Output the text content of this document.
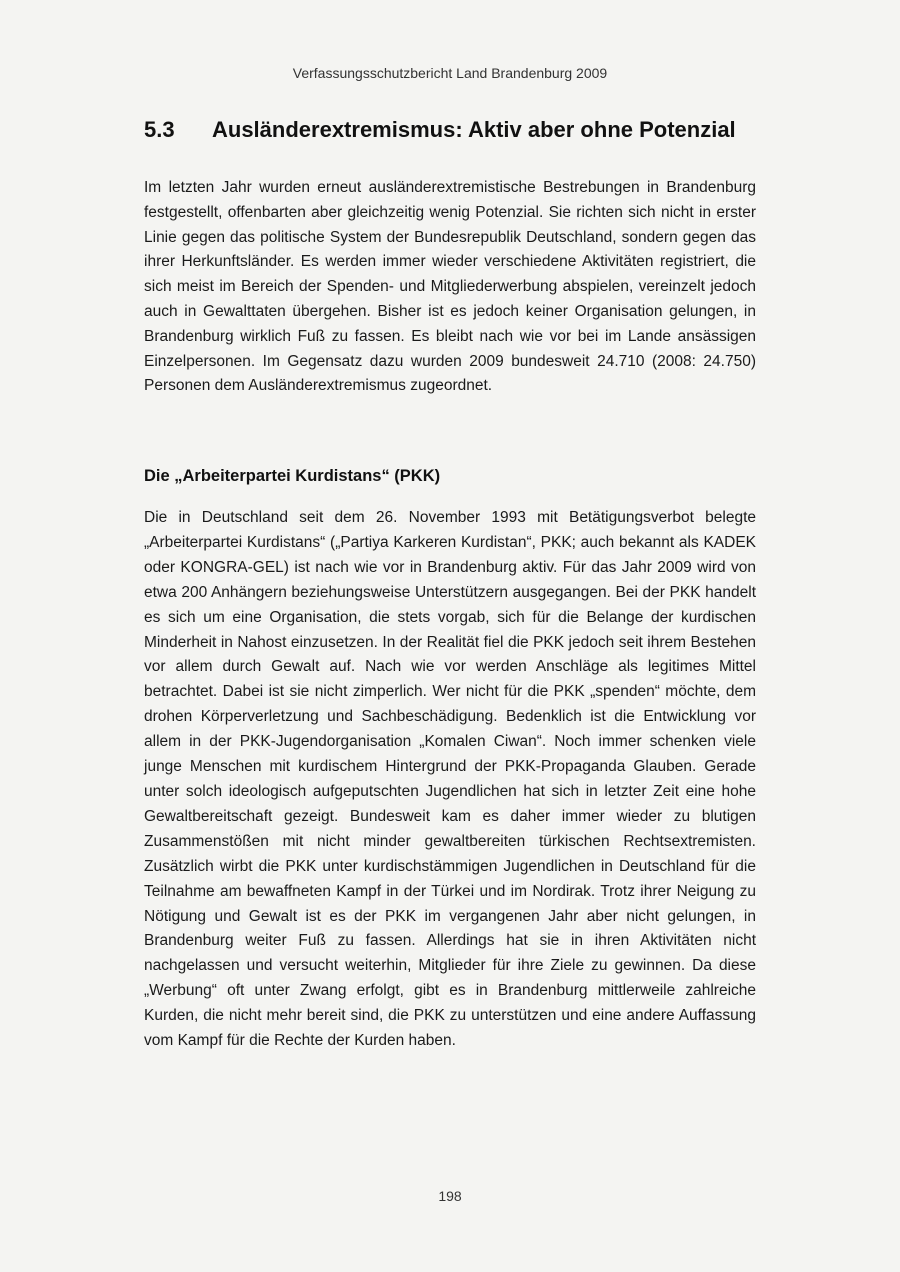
Verfassungsschutzbericht Land Brandenburg 2009
5.3 Ausländerextremismus: Aktiv aber ohne Potenzial

Im letzten Jahr wurden erneut ausländerextremistische Bestrebungen in Brandenburg festgestellt, offenbarten aber gleichzeitig wenig Potenzial. Sie richten sich nicht in erster Linie gegen das politische System der Bundesrepublik Deutschland, sondern gegen das ihrer Herkunftsländer. Es werden immer wieder verschiedene Aktivitäten registriert, die sich meist im Bereich der Spenden- und Mitgliederwerbung abspielen, vereinzelt jedoch auch in Gewalttaten übergehen. Bisher ist es jedoch keiner Organisation gelungen, in Brandenburg wirklich Fuß zu fassen. Es bleibt nach wie vor bei im Lande ansässigen Einzelpersonen. Im Gegensatz dazu wurden 2009 bundesweit 24.710 (2008: 24.750) Personen dem Ausländerextremismus zugeordnet.

Die „Arbeiterpartei Kurdistans“ (PKK)

Die in Deutschland seit dem 26. November 1993 mit Betätigungsverbot belegte „Arbeiterpartei Kurdistans“ („Partiya Karkeren Kurdistan“, PKK; auch bekannt als KADEK oder KONGRA-GEL) ist nach wie vor in Brandenburg aktiv. Für das Jahr 2009 wird von etwa 200 Anhängern beziehungsweise Unterstützern ausgegangen. Bei der PKK handelt es sich um eine Organisation, die stets vorgab, sich für die Belange der kurdischen Minderheit in Nahost einzusetzen. In der Realität fiel die PKK jedoch seit ihrem Bestehen vor allem durch Gewalt auf. Nach wie vor werden Anschläge als legitimes Mittel betrachtet. Dabei ist sie nicht zimperlich. Wer nicht für die PKK „spenden“ möchte, dem drohen Körperverletzung und Sachbeschädigung. Bedenklich ist die Entwicklung vor allem in der PKK-Jugendorganisation „Komalen Ciwan“. Noch immer schenken viele junge Menschen mit kurdischem Hintergrund der PKK-Propaganda Glauben. Gerade unter solch ideologisch aufgeputschten Jugendlichen hat sich in letzter Zeit eine hohe Gewaltbereitschaft gezeigt. Bundesweit kam es daher immer wieder zu blutigen Zusammenstößen mit nicht minder gewaltbereiten türkischen Rechtsextremisten. Zusätzlich wirbt die PKK unter kurdischstämmigen Jugendlichen in Deutschland für die Teilnahme am bewaffneten Kampf in der Türkei und im Nordirak. Trotz ihrer Neigung zu Nötigung und Gewalt ist es der PKK im vergangenen Jahr aber nicht gelungen, in Brandenburg weiter Fuß zu fassen. Allerdings hat sie in ihren Aktivitäten nicht nachgelassen und versucht weiterhin, Mitglieder für ihre Ziele zu gewinnen. Da diese „Werbung“ oft unter Zwang erfolgt, gibt es in Brandenburg mittlerweile zahlreiche Kurden, die nicht mehr bereit sind, die PKK zu unterstützen und eine andere Auffassung vom Kampf für die Rechte der Kurden haben.

198
